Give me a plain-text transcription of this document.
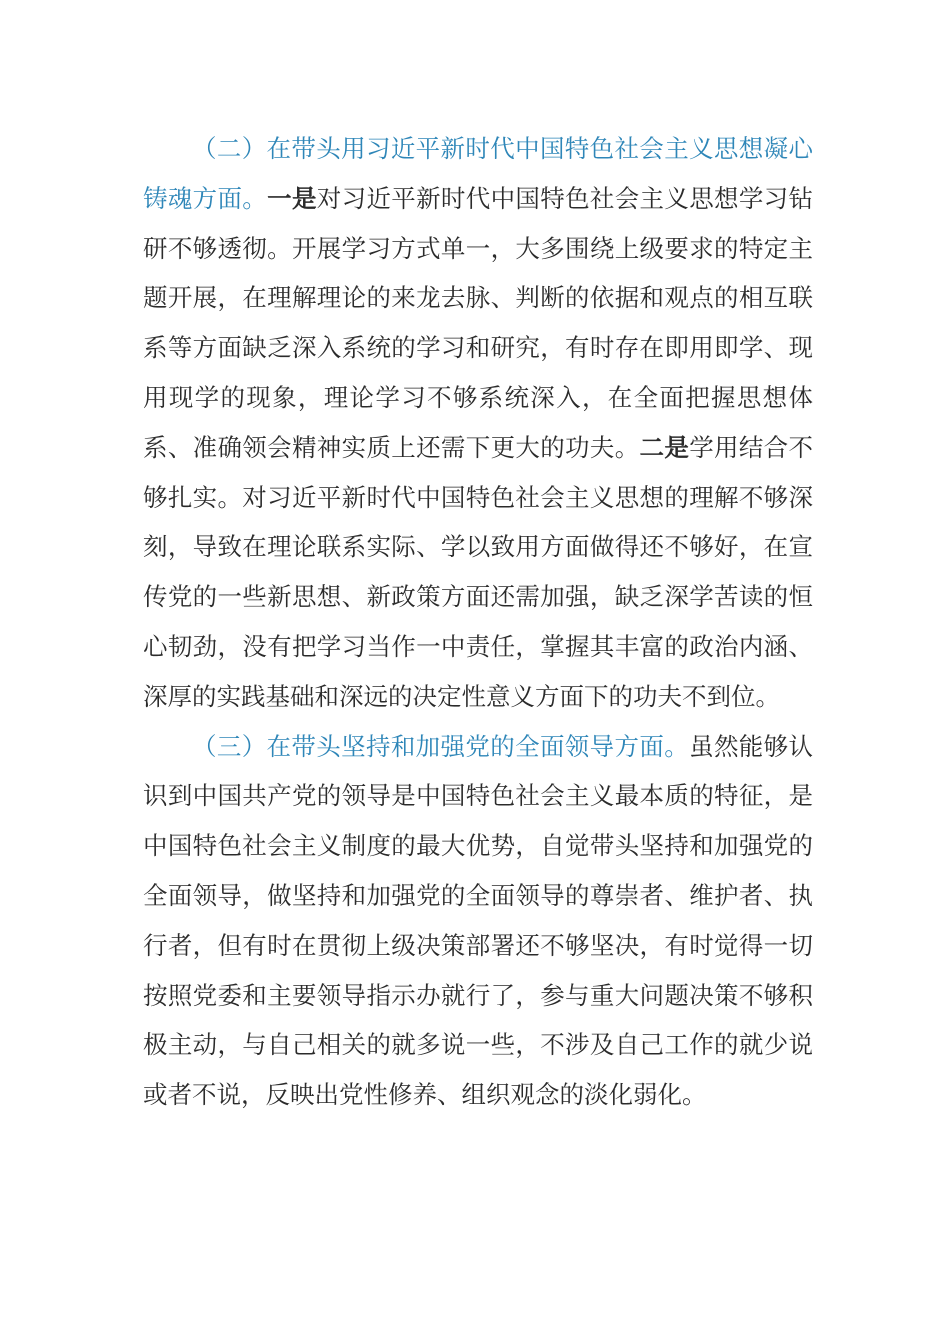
（二）在带头用习近平新时代中国特色社会主义思想凝心铸魂方面。一是对习近平新时代中国特色社会主义思想学习钻研不够透彻。开展学习方式单一，大多围绕上级要求的特定主题开展，在理解理论的来龙去脉、判断的依据和观点的相互联系等方面缺乏深入系统的学习和研究，有时存在即用即学、现用现学的现象，理论学习不够系统深入，在全面把握思想体系、准确领会精神实质上还需下更大的功夫。二是学用结合不够扎实。对习近平新时代中国特色社会主义思想的理解不够深刻，导致在理论联系实际、学以致用方面做得还不够好，在宣传党的一些新思想、新政策方面还需加强，缺乏深学苦读的恒心韧劲，没有把学习当作一中责任，掌握其丰富的政治内涵、深厚的实践基础和深远的决定性意义方面下的功夫不到位。

（三）在带头坚持和加强党的全面领导方面。虽然能够认识到中国共产党的领导是中国特色社会主义最本质的特征，是中国特色社会主义制度的最大优势，自觉带头坚持和加强党的全面领导，做坚持和加强党的全面领导的尊崇者、维护者、执行者，但有时在贯彻上级决策部署还不够坚决，有时觉得一切按照党委和主要领导指示办就行了，参与重大问题决策不够积极主动，与自己相关的就多说一些，不涉及自己工作的就少说或者不说，反映出党性修养、组织观念的淡化弱化。
